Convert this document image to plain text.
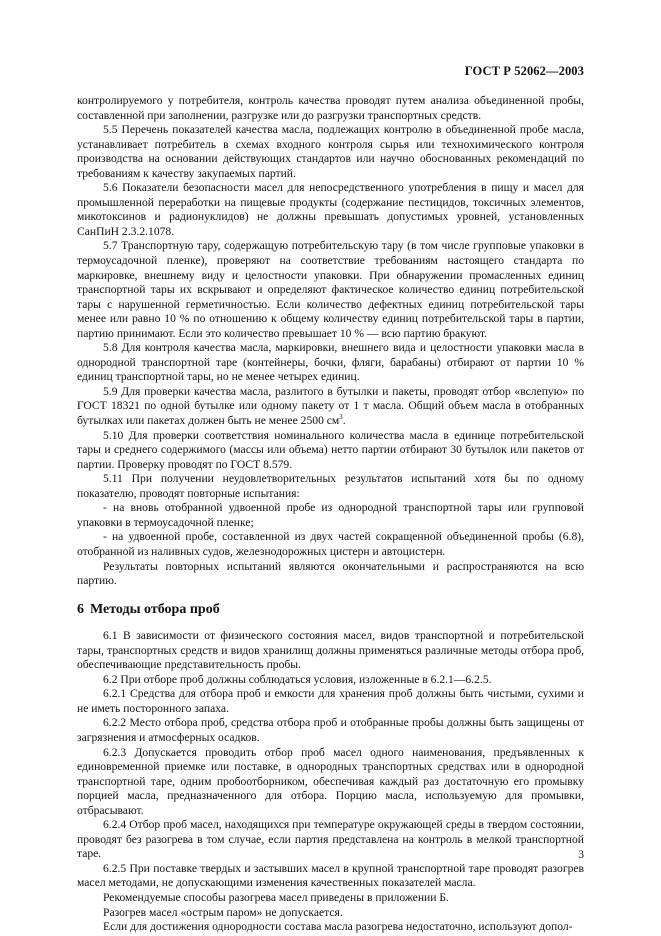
ГОСТ Р 52062—2003

контролируемого у потребителя, контроль качества проводят путем анализа объединенной пробы, составленной при заполнении, разгрузке или до разгрузки транспортных средств.

5.5 Перечень показателей качества масла, подлежащих контролю в объединенной пробе масла, устанавливает потребитель в схемах входного контроля сырья или технохимического контроля производства на основании действующих стандартов или научно обоснованных рекомендаций по требованиям к качеству закупаемых партий.

5.6 Показатели безопасности масел для непосредственного употребления в пищу и масел для промышленной переработки на пищевые продукты (содержание пестицидов, токсичных элементов, микотоксинов и радионуклидов) не должны превышать допустимых уровней, установленных СанПиН 2.3.2.1078.

5.7 Транспортную тару, содержащую потребительскую тару (в том числе групповые упаковки в термоусадочной пленке), проверяют на соответствие требованиям настоящего стандарта по маркировке, внешнему виду и целостности упаковки. При обнаружении промасленных единиц транспортной тары их вскрывают и определяют фактическое количество единиц потребительской тары с нарушенной герметичностью. Если количество дефектных единиц потребительской тары менее или равно 10 % по отношению к общему количеству единиц потребительской тары в партии, партию принимают. Если это количество превышает 10 % — всю партию бракуют.

5.8 Для контроля качества масла, маркировки, внешнего вида и целостности упаковки масла в однородной транспортной таре (контейнеры, бочки, фляги, барабаны) отбирают от партии 10 % единиц транспортной тары, но не менее четырех единиц.

5.9 Для проверки качества масла, разлитого в бутылки и пакеты, проводят отбор «вслепую» по ГОСТ 18321 по одной бутылке или одному пакету от 1 т масла. Общий объем масла в отобранных бутылках или пакетах должен быть не менее 2500 $см^3$.

5.10 Для проверки соответствия номинального количества масла в единице потребительской тары и среднего содержимого (массы или объема) нетто партии отбирают 30 бутылок или пакетов от партии. Проверку проводят по ГОСТ 8.579.

5.11 При получении неудовлетворительных результатов испытаний хотя бы по одному показателю, проводят повторные испытания:

- на вновь отобранной удвоенной пробе из однородной транспортной тары или групповой упаковки в термоусадочной пленке;

- на удвоенной пробе, составленной из двух частей сокращенной объединенной пробы (6.8), отобранной из наливных судов, железнодорожных цистерн и автоцистерн.

Результаты повторных испытаний являются окончательными и распространяются на всю партию.

6 Методы отбора проб

6.1 В зависимости от физического состояния масел, видов транспортной и потребительской тары, транспортных средств и видов хранилищ должны применяться различные методы отбора проб, обеспечивающие представительность пробы.

6.2 При отборе проб должны соблюдаться условия, изложенные в 6.2.1—6.2.5.

6.2.1 Средства для отбора проб и емкости для хранения проб должны быть чистыми, сухими и не иметь посторонного запаха.

6.2.2 Место отбора проб, средства отбора проб и отобранные пробы должны быть защищены от загрязнения и атмосферных осадков.

6.2.3 Допускается проводить отбор проб масел одного наименования, предъявленных к единовременной приемке или поставке, в однородных транспортных средствах или в однородной транспортной таре, одним пробоотборником, обеспечивая каждый раз достаточную его промывку порцией масла, предназначенного для отбора. Порцию масла, используемую для промывки, отбрасывают.

6.2.4 Отбор проб масел, находящихся при температуре окружающей среды в твердом состоянии, проводят без разогрева в том случае, если партия представлена на контроль в мелкой транспортной таре.

6.2.5 При поставке твердых и застывших масел в крупной транспортной таре проводят разогрев масел методами, не допускающими изменения качественных показателей масла.

Рекомендуемые способы разогрева масел приведены в приложении Б.

Разогрев масел «острым паром» не допускается.

Если для достижения однородности состава масла разогрева недостаточно, используют допол-

3
